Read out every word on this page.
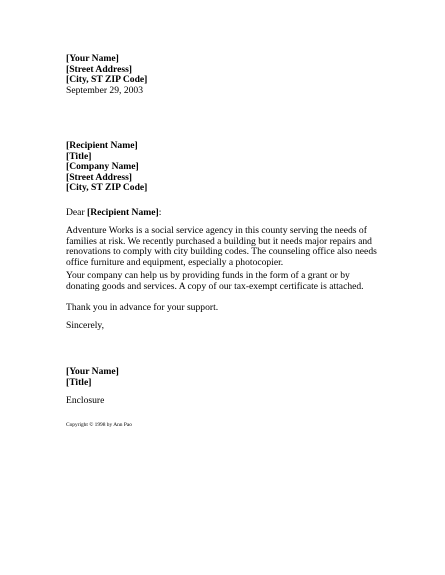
[Your Name]
[Street Address]
[City, ST ZIP Code]
September 29, 2003
[Recipient Name]
[Title]
[Company Name]
[Street Address]
[City, ST ZIP Code]
Dear [Recipient Name]:
Adventure Works is a social service agency in this county serving the needs of families at risk. We recently purchased a building but it needs major repairs and renovations to comply with city building codes. The counseling office also needs office furniture and equipment, especially a photocopier.
Your company can help us by providing funds in the form of a grant or by donating goods and services. A copy of our tax-exempt certificate is attached.
Thank you in advance for your support.
Sincerely,
[Your Name]
[Title]
Enclosure
Copyright © 1998 by Ann Pao
